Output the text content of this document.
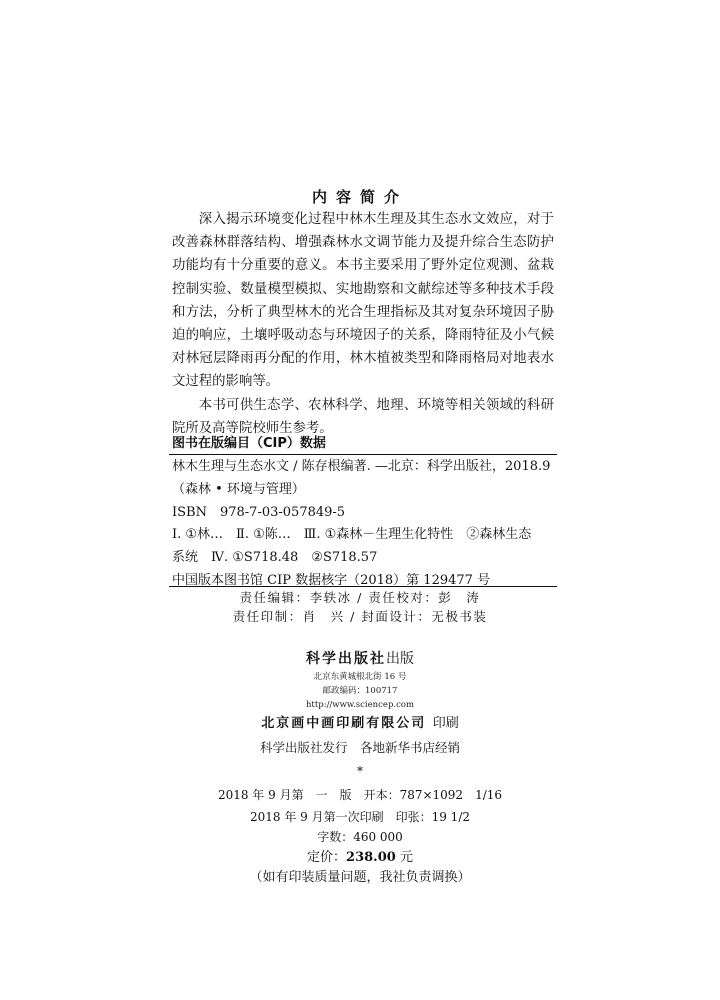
内容简介

深入揭示环境变化过程中林木生理及其生态水文效应，对于改善森林群落结构、增强森林水文调节能力及提升综合生态防护功能均有十分重要的意义。本书主要采用了野外定位观测、盆栽控制实验、数量模型模拟、实地勘察和文献综述等多种技术手段和方法，分析了典型林木的光合生理指标及其对复杂环境因子胁迫的响应，土壤呼吸动态与环境因子的关系，降雨特征及小气候对林冠层降雨再分配的作用，林木植被类型和降雨格局对地表水文过程的影响等。

本书可供生态学、农林科学、地理、环境等相关领域的科研院所及高等院校师生参考。

图书在版编目（CIP）数据
林木生理与生态水文 / 陈存根编著. —北京：科学出版社，2018.9
（森林 • 环境与管理）
ISBN　978-7-03-057849-5
Ⅰ. ①林…　Ⅱ. ①陈…　Ⅲ. ①森林－生理生化特性　②森林生态
系统　Ⅳ. ①S718.48　②S718.57
中国版本图书馆 CIP 数据核字（2018）第 129477 号
责任编辑：李轶冰 / 责任校对：彭　涛
责任印制：肖　兴 / 封面设计：无极书装
科学出版社出版
北京东黄城根北街 16 号
邮政编码：100717
http://www.sciencep.com
北京画中画印刷有限公司 印刷
科学出版社发行　各地新华书店经销
*
2018 年 9 月第　一　版　开本：787×1092　1/16
2018 年 9 月第一次印刷　印张：19 1/2
字数：460 000
定价：238.00 元
（如有印装质量问题，我社负责调换）
